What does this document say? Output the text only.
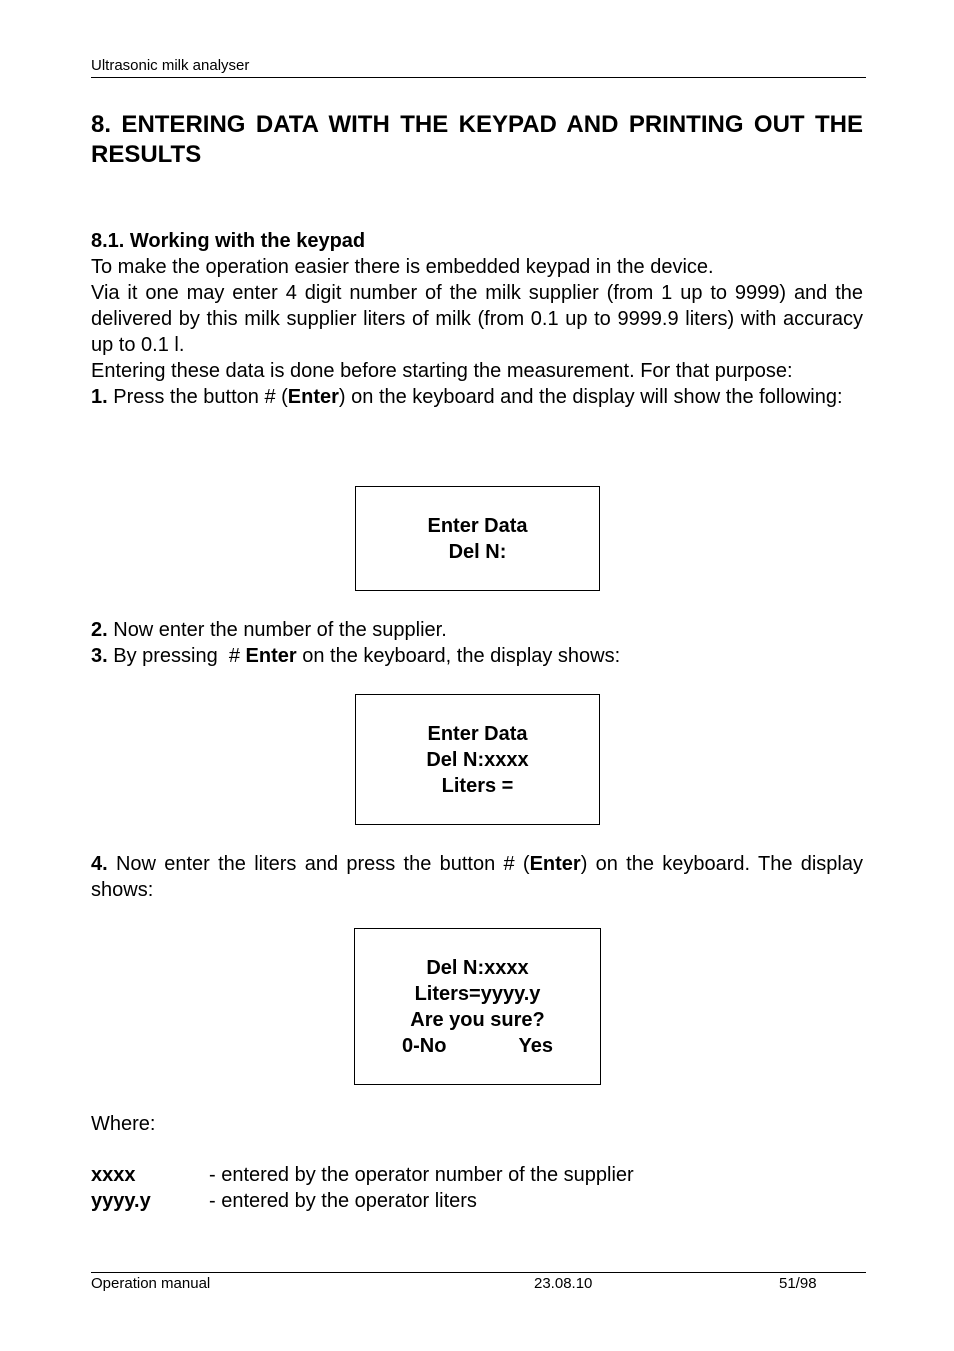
Ultrasonic milk analyser
8. ENTERING DATA WITH THE KEYPAD AND PRINTING OUT THE RESULTS

8.1. Working with the keypad

To make the operation easier there is embedded keypad in the device.

Via it one may enter 4 digit number of the milk supplier (from 1 up to 9999) and the delivered by this milk supplier liters of milk (from 0.1 up to 9999.9 liters) with accuracy up to 0.1 l.

Entering these data is done before starting the measurement. For that purpose:

1. Press the button # (Enter) on the keyboard and the display will show the following:

Enter Data
Del N:

2. Now enter the number of the supplier.

3. By pressing  # Enter on the keyboard, the display shows:

Enter Data
Del N:xxxx
Liters =

4. Now enter the liters and press the button # (Enter) on the keyboard. The display shows:

Del N:xxxx
Liters=yyyy.y
Are you sure?
0-No	Yes
Where:
xxxx	- entered by the operator number of the supplier
yyyy.y	- entered by the operator liters
Operation manual	23.08.10	51/98
